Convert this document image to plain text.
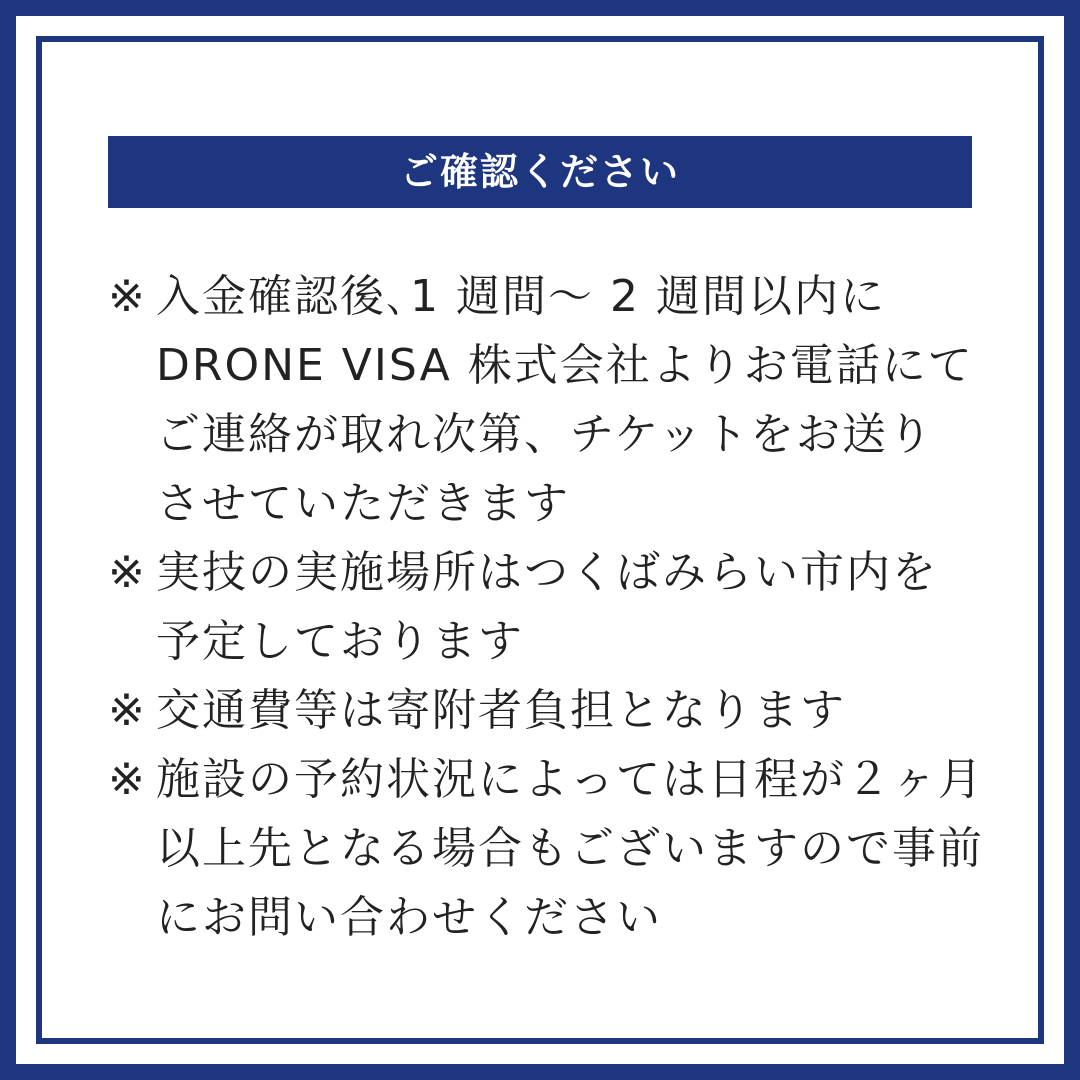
ご確認ください
※ 入金確認後､1 週間～ 2 週間以内に
DRONE VISA 株式会社よりお電話にて
ご連絡が取れ次第、チケットをお送り
させていただきます
※ 実技の実施場所はつくばみらい市内を
予定しております
※ 交通費等は寄附者負担となります
※ 施設の予約状況によっては日程が２ヶ月
以上先となる場合もございますので事前
にお問い合わせください
